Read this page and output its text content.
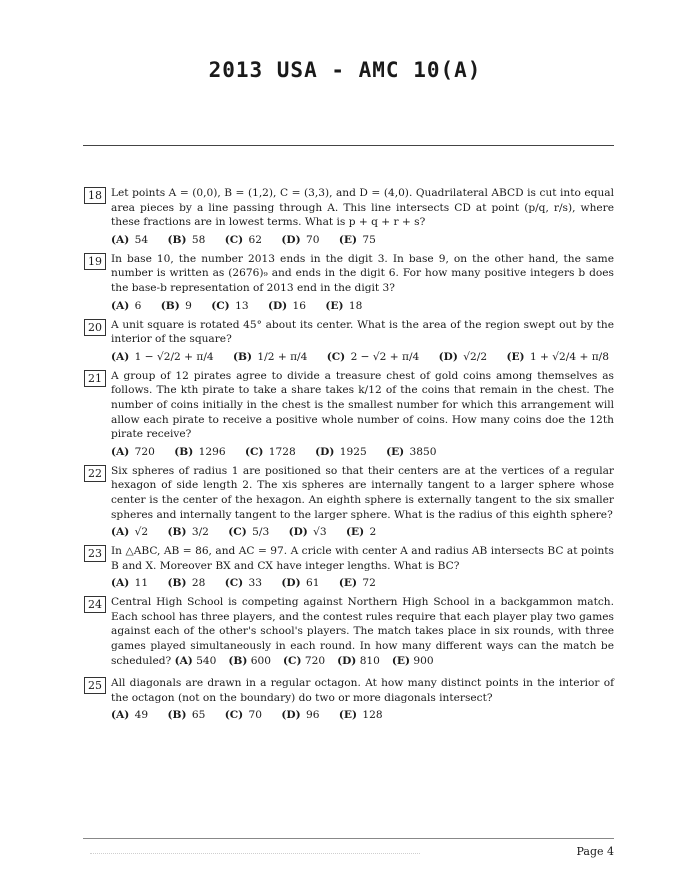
2013 USA - AMC 10(A)
18 Let points A = (0,0), B = (1,2), C = (3,3), and D = (4,0). Quadrilateral ABCD is cut into equal area pieces by a line passing through A. This line intersects CD at point (p/q, r/s), where these fractions are in lowest terms. What is p + q + r + s?
(A) 54 (B) 58 (C) 62 (D) 70 (E) 75
19 In base 10, the number 2013 ends in the digit 3. In base 9, on the other hand, the same number is written as (2676)₉ and ends in the digit 6. For how many positive integers b does the base-b representation of 2013 end in the digit 3?
(A) 6 (B) 9 (C) 13 (D) 16 (E) 18
20 A unit square is rotated 45° about its center. What is the area of the region swept out by the interior of the square?
(A) 1 − √2/2 + π/4 (B) 1/2 + π/4 (C) 2 − √2 + π/4 (D) √2/2 (E) 1 + √2/4 + π/8
21 A group of 12 pirates agree to divide a treasure chest of gold coins among themselves as follows. The kth pirate to take a share takes k/12 of the coins that remain in the chest. The number of coins initially in the chest is the smallest number for which this arrangement will allow each pirate to receive a positive whole number of coins. How many coins doe the 12th pirate receive?
(A) 720 (B) 1296 (C) 1728 (D) 1925 (E) 3850
22 Six spheres of radius 1 are positioned so that their centers are at the vertices of a regular hexagon of side length 2. The xis spheres are internally tangent to a larger sphere whose center is the center of the hexagon. An eighth sphere is externally tangent to the six smaller spheres and internally tangent to the larger sphere. What is the radius of this eighth sphere?
(A) √2 (B) 3/2 (C) 5/3 (D) √3 (E) 2
23 In △ABC, AB = 86, and AC = 97. A cricle with center A and radius AB intersects BC at points B and X. Moreover BX and CX have integer lengths. What is BC?
(A) 11 (B) 28 (C) 33 (D) 61 (E) 72
24 Central High School is competing against Northern High School in a backgammon match. Each school has three players, and the contest rules require that each player play two games against each of the other's school's players. The match takes place in six rounds, with three games played simultaneously in each round. In how many different ways can the match be scheduled? (A) 540 (B) 600 (C) 720 (D) 810 (E) 900
25 All diagonals are drawn in a regular octagon. At how many distinct points in the interior of the octagon (not on the boundary) do two or more diagonals intersect?
(A) 49 (B) 65 (C) 70 (D) 96 (E) 128
Page 4
